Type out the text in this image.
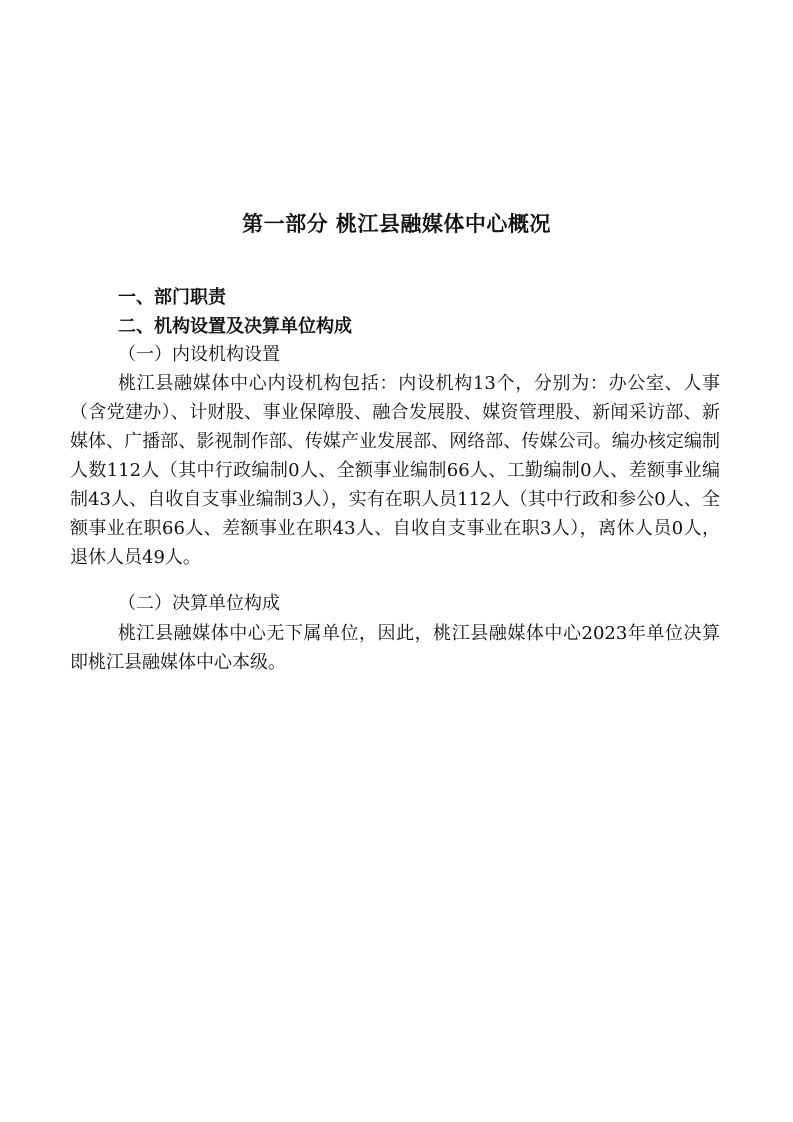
第一部分 桃江县融媒体中心概况
一、部门职责
二、机构设置及决算单位构成
（一）内设机构设置
桃江县融媒体中心内设机构包括：内设机构13个，分别为：办公室、人事（含党建办）、计财股、事业保障股、融合发展股、媒资管理股、新闻采访部、新媒体、广播部、影视制作部、传媒产业发展部、网络部、传媒公司。编办核定编制人数112人（其中行政编制0人、全额事业编制66人、工勤编制0人、差额事业编制43人、自收自支事业编制3人），实有在职人员112人（其中行政和参公0人、全额事业在职66人、差额事业在职43人、自收自支事业在职3人），离休人员0人，退休人员49人。
（二）决算单位构成
桃江县融媒体中心无下属单位，因此，桃江县融媒体中心2023年单位决算即桃江县融媒体中心本级。
